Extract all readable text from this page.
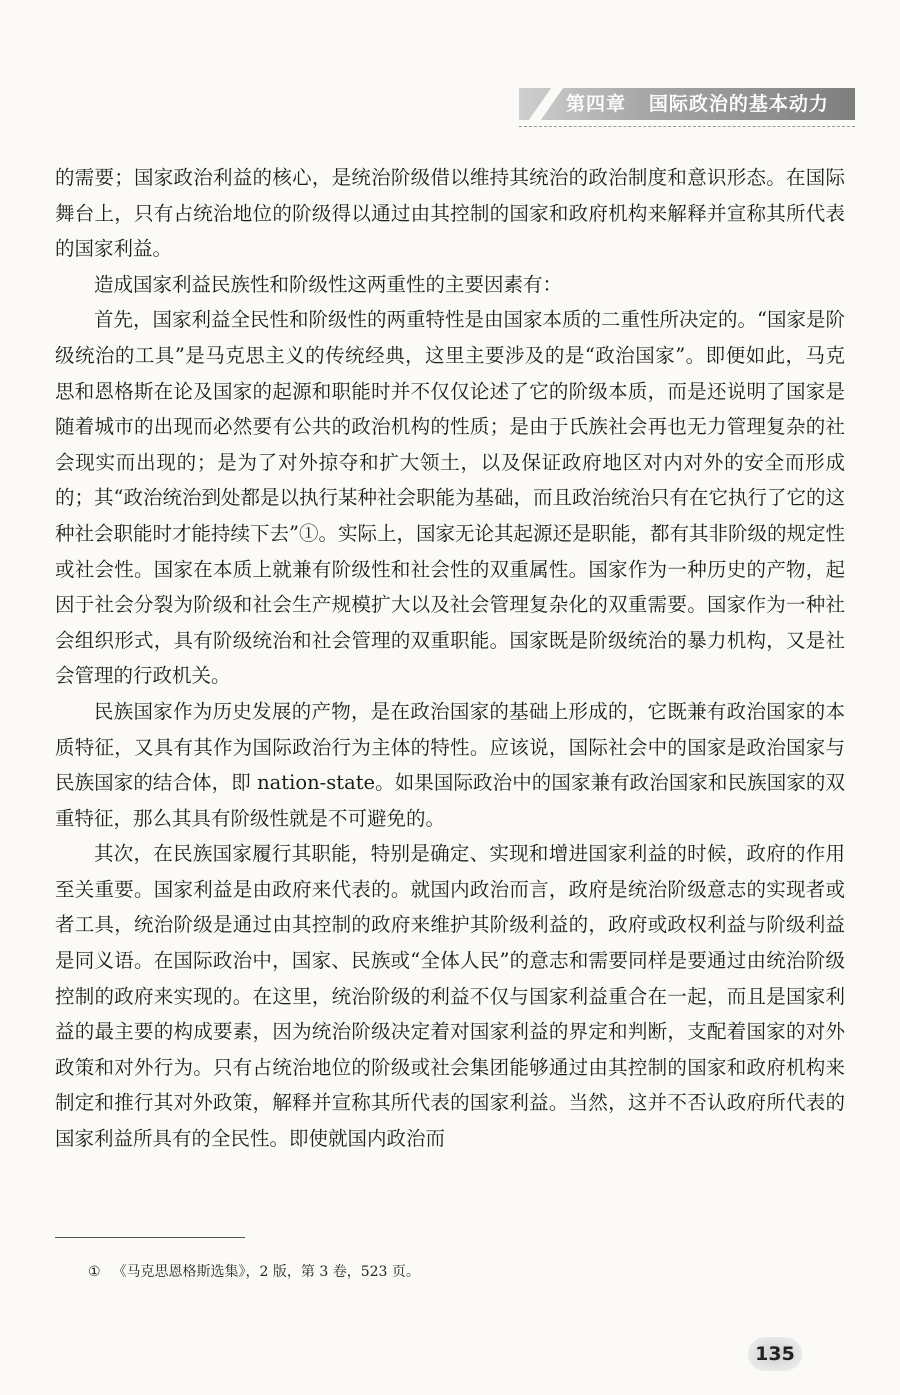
第四章   国际政治的基本动力

的需要；国家政治利益的核心，是统治阶级借以维持其统治的政治制度和意识形态。在国际舞台上，只有占统治地位的阶级得以通过由其控制的国家和政府机构来解释并宣称其所代表的国家利益。

造成国家利益民族性和阶级性这两重性的主要因素有：

首先，国家利益全民性和阶级性的两重特性是由国家本质的二重性所决定的。“国家是阶级统治的工具”是马克思主义的传统经典，这里主要涉及的是“政治国家”。即便如此，马克思和恩格斯在论及国家的起源和职能时并不仅仅论述了它的阶级本质，而是还说明了国家是随着城市的出现而必然要有公共的政治机构的性质；是由于氏族社会再也无力管理复杂的社会现实而出现的；是为了对外掠夺和扩大领土，以及保证政府地区对内对外的安全而形成的；其“政治统治到处都是以执行某种社会职能为基础，而且政治统治只有在它执行了它的这种社会职能时才能持续下去”①。实际上，国家无论其起源还是职能，都有其非阶级的规定性或社会性。国家在本质上就兼有阶级性和社会性的双重属性。国家作为一种历史的产物，起因于社会分裂为阶级和社会生产规模扩大以及社会管理复杂化的双重需要。国家作为一种社会组织形式，具有阶级统治和社会管理的双重职能。国家既是阶级统治的暴力机构，又是社会管理的行政机关。

民族国家作为历史发展的产物，是在政治国家的基础上形成的，它既兼有政治国家的本质特征，又具有其作为国际政治行为主体的特性。应该说，国际社会中的国家是政治国家与民族国家的结合体，即 nation-state。如果国际政治中的国家兼有政治国家和民族国家的双重特征，那么其具有阶级性就是不可避免的。

其次，在民族国家履行其职能，特别是确定、实现和增进国家利益的时候，政府的作用至关重要。国家利益是由政府来代表的。就国内政治而言，政府是统治阶级意志的实现者或者工具，统治阶级是通过由其控制的政府来维护其阶级利益的，政府或政权利益与阶级利益是同义语。在国际政治中，国家、民族或“全体人民”的意志和需要同样是要通过由统治阶级控制的政府来实现的。在这里，统治阶级的利益不仅与国家利益重合在一起，而且是国家利益的最主要的构成要素，因为统治阶级决定着对国家利益的界定和判断，支配着国家的对外政策和对外行为。只有占统治地位的阶级或社会集团能够通过由其控制的国家和政府机构来制定和推行其对外政策，解释并宣称其所代表的国家利益。当然，这并不否认政府所代表的国家利益所具有的全民性。即使就国内政治而

① 《马克思恩格斯选集》，2 版，第 3 卷，523 页。
135
